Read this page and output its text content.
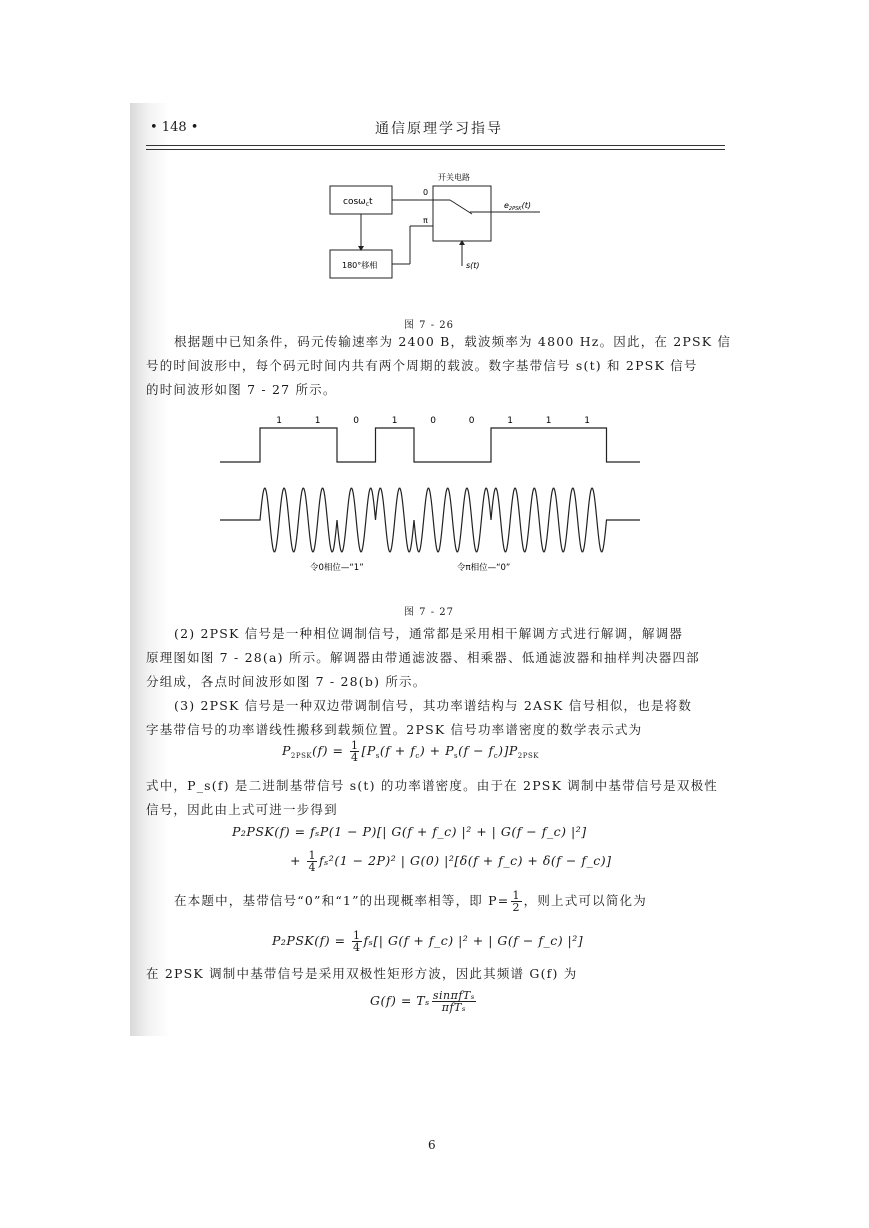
• 148 •	通信原理学习指导
cosω$_c$t
180°移相
开关电路
0
π
$e_{2PSK}(t)$
s(t)
图 7 - 26
根据题中已知条件，码元传输速率为 2400 B，载波频率为 4800 Hz。因此，在 2PSK 信
号的时间波形中，每个码元时间内共有两个周期的载波。数字基带信号 s(t) 和 2PSK 信号
的时间波形如图 7 - 27 所示。
1	1	0	1	0	0	1	1	1
令0相位—“1”	令π相位—“0”
图 7 - 27
(2) 2PSK 信号是一种相位调制信号，通常都是采用相干解调方式进行解调，解调器
原理图如图 7 - 28(a) 所示。解调器由带通滤波器、相乘器、低通滤波器和抽样判决器四部
分组成，各点时间波形如图 7 - 28(b) 所示。
(3) 2PSK 信号是一种双边带调制信号，其功率谱结构与 2ASK 信号相似，也是将数
字基带信号的功率谱线性搬移到载频位置。2PSK 信号功率谱密度的数学表示式为
$P_{2PSK}(f) = \frac{1}{4} [P_s(f + f_c) + P_s(f - f_c)]P_{2PSK}$
式中，P_s(f) 是二进制基带信号 s(t) 的功率谱密度。由于在 2PSK 调制中基带信号是双极性
信号，因此由上式可进一步得到
P₂PSK(f) = fₛP(1 − P)[| G(f + f_c) |² + | G(f − f_c) |²]
+ $\frac{1}{4} f_s^2(1 - 2P)^2$ | G(0) |²[δ(f + f_c) + δ(f − f_c)]
在本题中，基带信号“0”和“1”的出现概率相等，即 $P= \frac{1}{2}$ ，则上式可以简化为
$P_2PSK(f) = \frac{1}{4} f_s[|$ G(f + f_c) |² + | G(f − f_c) |²]
在 2PSK 调制中基带信号是采用双极性矩形方波，因此其频谱 G(f) 为
G(f) = Tₛ $\frac{\text{sinπfTₛ}}{\text{πfTₛ}}$
6
